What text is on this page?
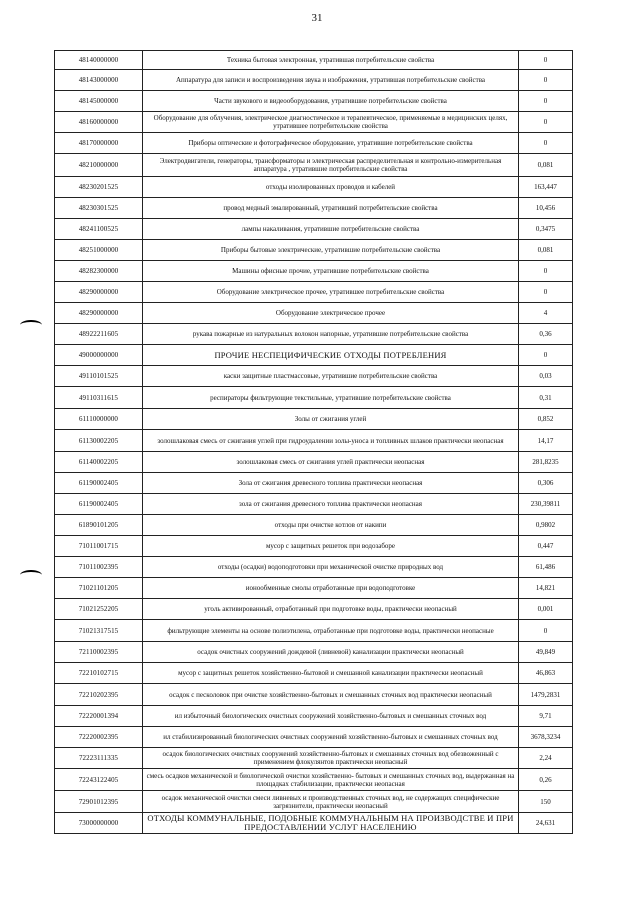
31
48140000000	Техника бытовая электронная, утратившая потребительские свойства	0
48143000000	Аппаратура для записи и воспроизведения звука и изображения, утратившая потребительские свойства	0
48145000000	Части звукового и видеооборудования, утратившие потребительские свойства	0
48160000000	Оборудование для облучения, электрическое диагностическое и терапевтическое, применяемые в медицинских целях, утратившее потребительские свойства	0
48170000000	Приборы оптические и фотографическое оборудование, утратившие потребительские свойства	0
48210000000	Электродвигатели, генераторы, трансформаторы и электрическая распределительная и контрольно-измерительная аппаратура , утратившие потребительские свойства	0,081
48230201525	отходы изолированных проводов и кабелей	163,447
48230301525	провод медный эмалированный, утративший потребительские свойства	10,456
48241100525	лампы накаливания, утратившие потребительские свойства	0,3475
48251000000	Приборы бытовые электрические, утратившие потребительские свойства	0,081
48282300000	Машины офисные прочие, утратившие потребительские свойства	0
48290000000	Оборудование электрическое прочее, утратившее потребительские свойства	0
48290000000	Оборудование электрическое прочее	4
48922211605	рукава пожарные из натуральных волокон напорные, утратившие потребительские свойства	0,36
49000000000	ПРОЧИЕ НЕСПЕЦИФИЧЕСКИЕ ОТХОДЫ ПОТРЕБЛЕНИЯ	0
49110101525	каски защитные пластмассовые, утратившие потребительские свойства	0,03
49110311615	респираторы фильтрующие текстильные, утратившие потребительские свойства	0,31
61110000000	Золы от сжигания углей	0,852
61130002205	золошлаковая смесь от сжигания углей при гидроудалении золы-уноса и топливных шлаков практически неопасная	14,17
61140002205	золошлаковая смесь от сжигания углей практически неопасная	281,8235
61190002405	Зола от сжигания древесного топлива практически неопасная	0,306
61190002405	зола от сжигания древесного топлива практически неопасная	230,39811
61890101205	отходы при очистке котлов от накипи	0,9802
71011001715	мусор с защитных решеток при водозаборе	0,447
71011002395	отходы (осадки) водоподготовки при механической очистке природных вод	61,486
71021101205	ионообменные смолы отработанные при водоподготовке	14,821
71021252205	уголь активированный, отработанный при подготовке воды, практически неопасный	0,001
71021317515	фильтрующие элементы на основе полиэтилена, отработанные при подготовке воды, практически неопасные	0
72110002395	осадок очистных сооружений дождевой (ливневой) канализации практически неопасный	49,849
72210102715	мусор с защитных решеток хозяйственно-бытовой и смешанной канализации практически неопасный	46,863
72210202395	осадок с песколовок при очистке хозяйственно-бытовых и смешанных сточных вод практически неопасный	1479,2831
72220001394	ил избыточный биологических очистных сооружений хозяйственно-бытовых и смешанных сточных вод	9,71
72220002395	ил стабилизированный биологических очистных сооружений хозяйственно-бытовых и смешанных сточных вод	3678,3234
72223111335	осадок биологических очистных сооружений хозяйственно-бытовых и смешанных сточных вод обезвоженный с применением флокулянтов практически неопасный	2,24
72243122405	смесь осадков механической и биологической очистки хозяйственно- бытовых и смешанных сточных вод, выдержанная на площадках стабилизации, практически неопасная	0,26
72901012395	осадок механической очистки смеси ливневых и производственных сточных вод, не содержащих специфические загрязнители, практически неопасный	150
73000000000	ОТХОДЫ КОММУНАЛЬНЫЕ, ПОДОБНЫЕ КОММУНАЛЬНЫМ НА ПРОИЗВОДСТВЕ И ПРИ ПРЕДОСТАВЛЕНИИ УСЛУГ НАСЕЛЕНИЮ	24,631
